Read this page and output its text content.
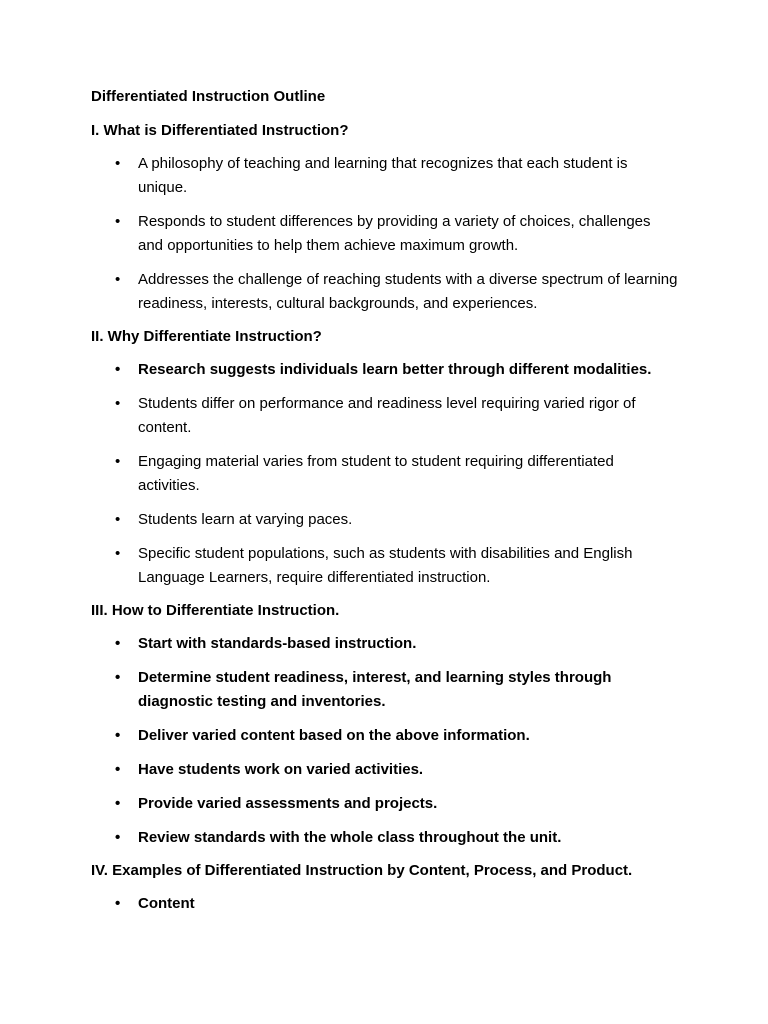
Differentiated Instruction Outline
I. What is Differentiated Instruction?
• A philosophy of teaching and learning that recognizes that each student is unique.
• Responds to student differences by providing a variety of choices, challenges and opportunities to help them achieve maximum growth.
• Addresses the challenge of reaching students with a diverse spectrum of learning readiness, interests, cultural backgrounds, and experiences.
II. Why Differentiate Instruction?
• Research suggests individuals learn better through different modalities.
• Students differ on performance and readiness level requiring varied rigor of content.
• Engaging material varies from student to student requiring differentiated activities.
• Students learn at varying paces.
• Specific student populations, such as students with disabilities and English Language Learners, require differentiated instruction.
III. How to Differentiate Instruction.
• Start with standards-based instruction.
• Determine student readiness, interest, and learning styles through diagnostic testing and inventories.
• Deliver varied content based on the above information.
• Have students work on varied activities.
• Provide varied assessments and projects.
• Review standards with the whole class throughout the unit.
IV. Examples of Differentiated Instruction by Content, Process, and Product.
• Content
